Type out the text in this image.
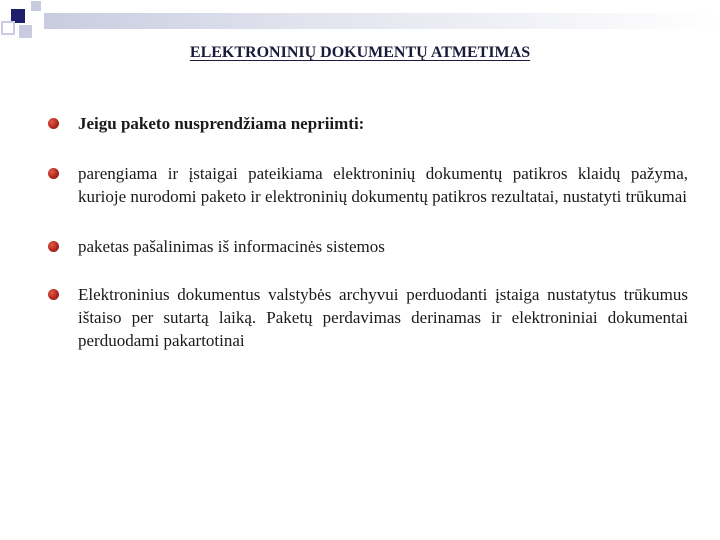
ELEKTRONINIŲ DOKUMENTŲ ATMETIMAS
Jeigu paketo nusprendžiama nepriimti:
parengiama ir įstaigai pateikiama elektroninių dokumentų patikros klaidų pažyma, kurioje nurodomi paketo ir elektroninių dokumentų patikros rezultatai, nustatyti trūkumai
paketas pašalinimas iš informacinės sistemos
Elektroninius dokumentus valstybės archyvui perduodanti įstaiga nustatytus trūkumus ištaiso per sutartą laiką. Paketų perdavimas derinamas ir elektroniniai dokumentai perduodami pakartotinai
